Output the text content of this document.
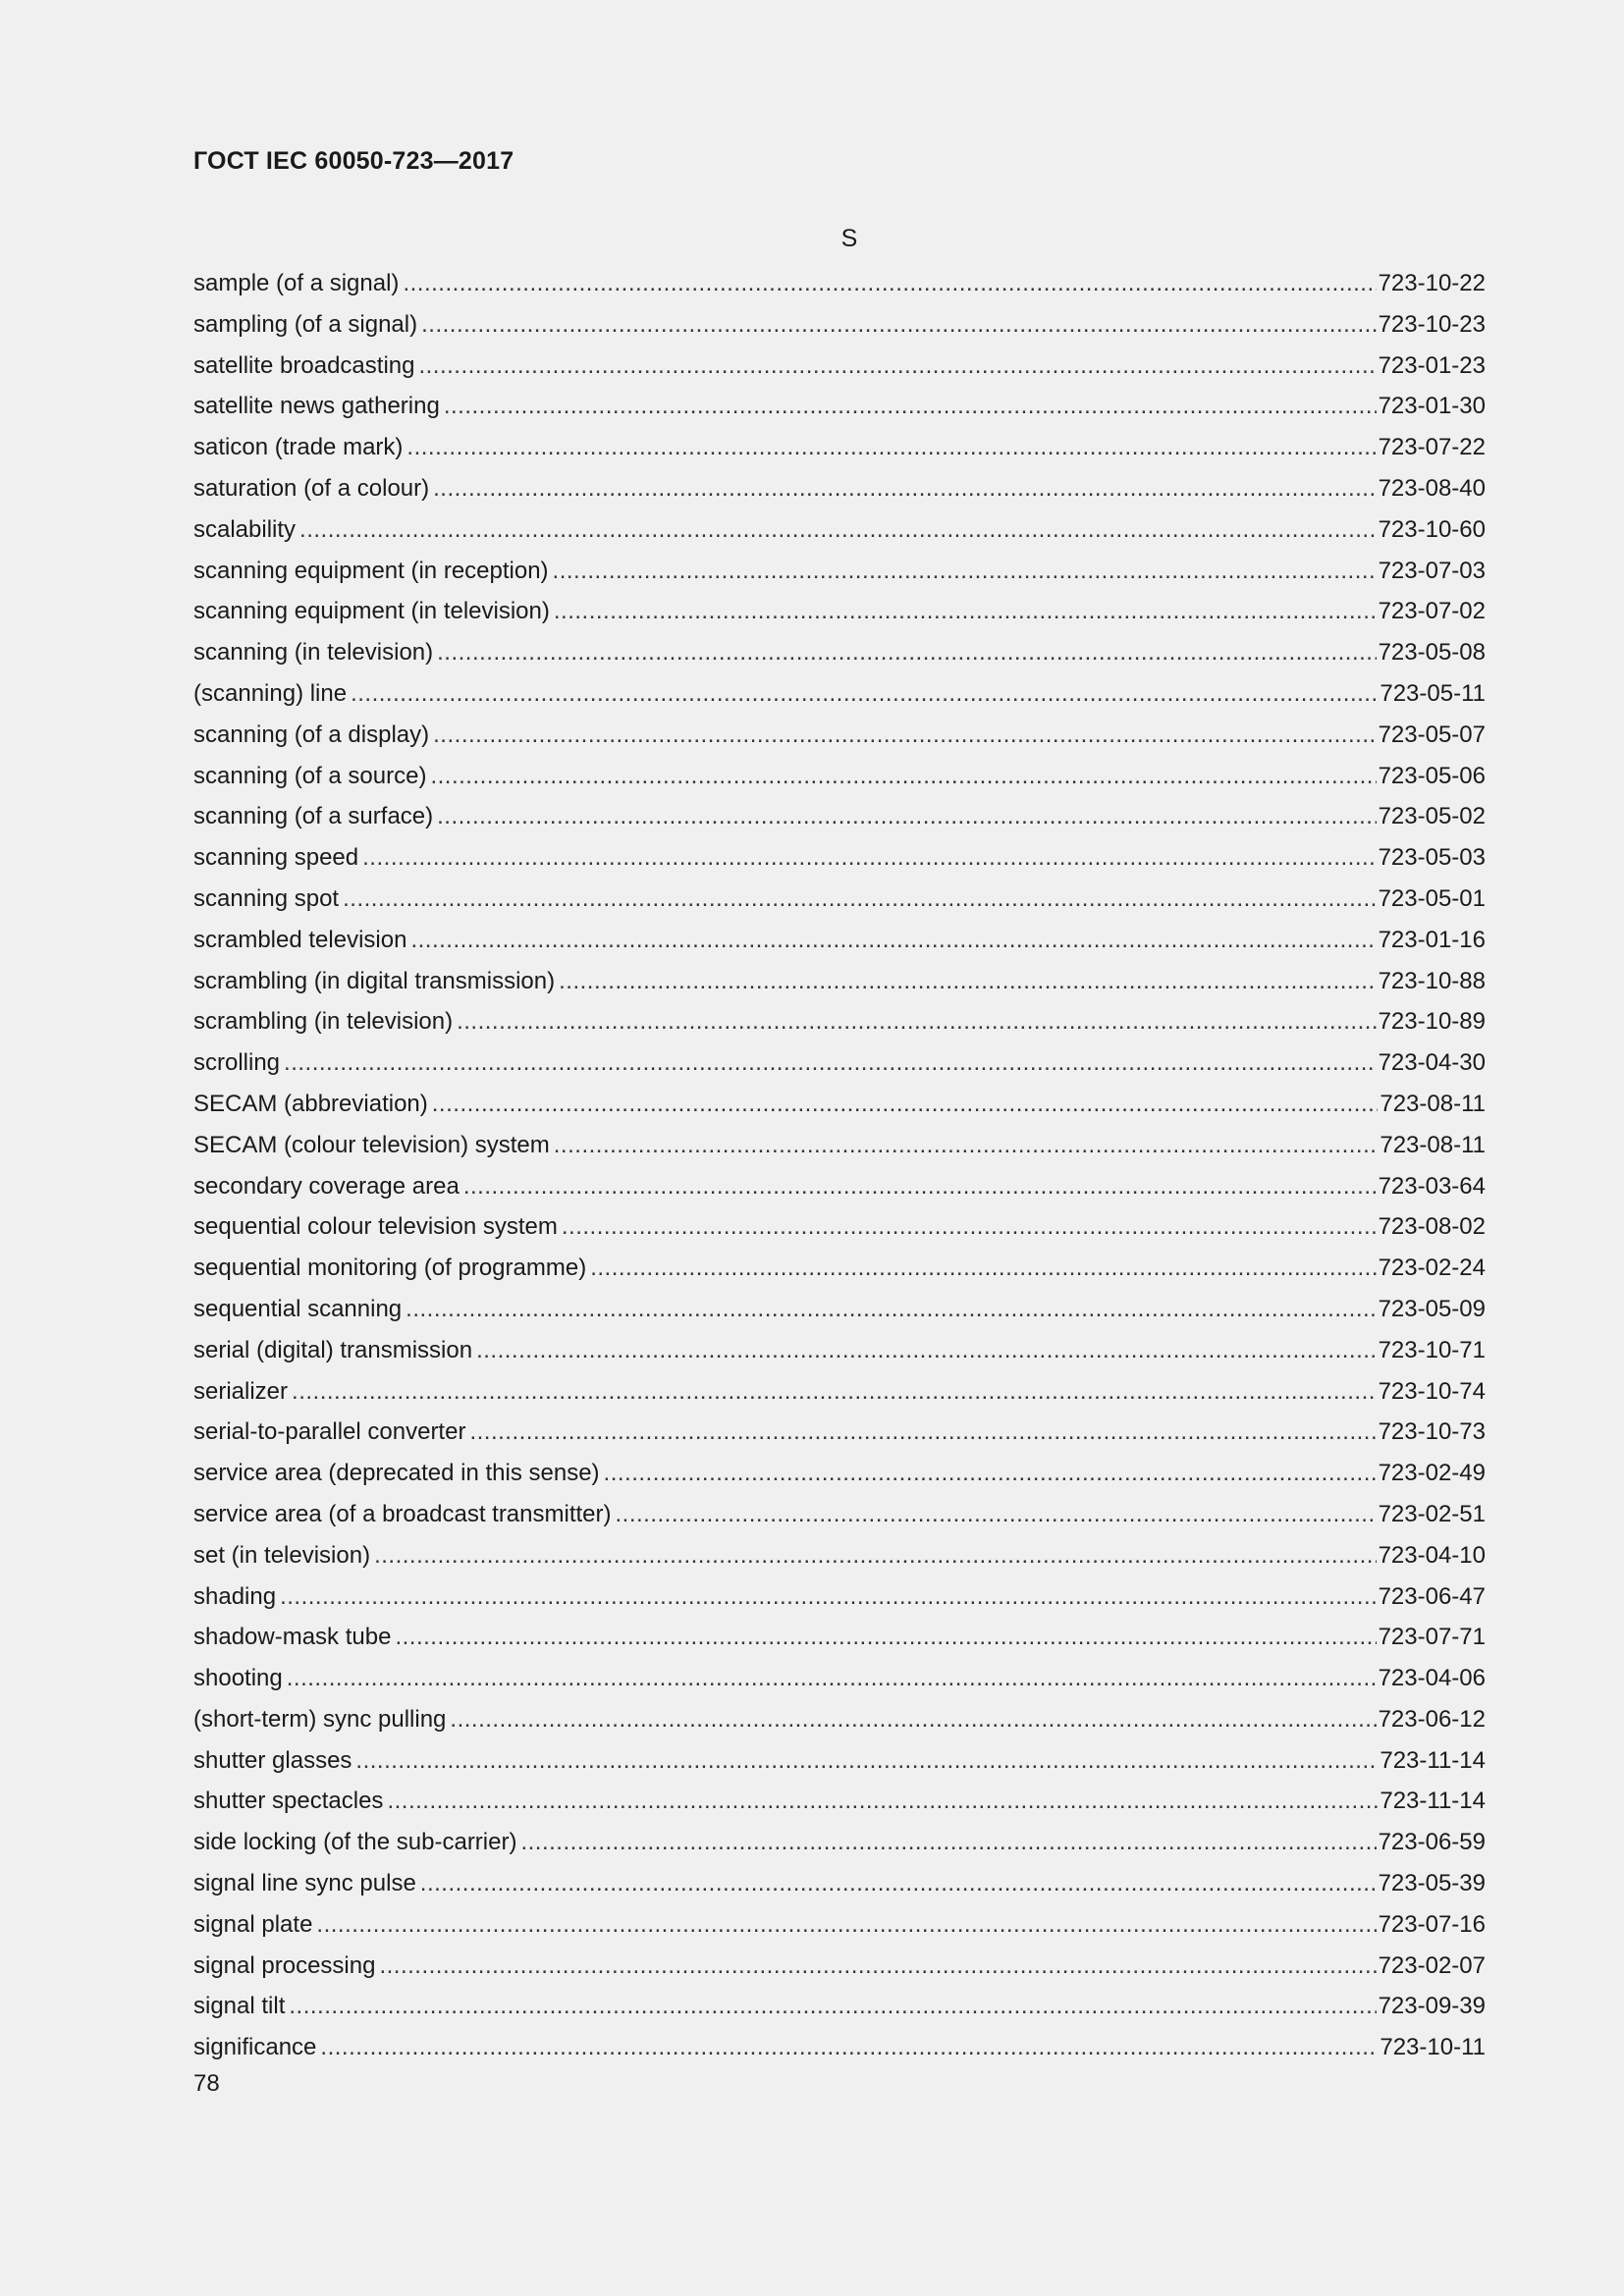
ГОСТ IEC 60050-723—2017
S
sample (of a signal) .....	723-10-22
sampling (of a signal) .....	723-10-23
satellite broadcasting .....	723-01-23
satellite news gathering .....	723-01-30
saticon (trade mark) .....	723-07-22
saturation (of a colour) .....	723-08-40
scalability .....	723-10-60
scanning equipment (in reception) .....	723-07-03
scanning equipment (in television) .....	723-07-02
scanning (in television) .....	723-05-08
(scanning) line .....	723-05-11
scanning (of a display) .....	723-05-07
scanning (of a source) .....	723-05-06
scanning (of a surface) .....	723-05-02
scanning speed .....	723-05-03
scanning spot .....	723-05-01
scrambled television .....	723-01-16
scrambling (in digital transmission) .....	723-10-88
scrambling (in television) .....	723-10-89
scrolling .....	723-04-30
SECAM (abbreviation) .....	723-08-11
SECAM (colour television) system .....	723-08-11
secondary coverage area .....	723-03-64
sequential colour television system .....	723-08-02
sequential monitoring (of programme) .....	723-02-24
sequential scanning .....	723-05-09
serial (digital) transmission .....	723-10-71
serializer .....	723-10-74
serial-to-parallel converter .....	723-10-73
service area (deprecated in this sense) .....	723-02-49
service area (of a broadcast transmitter) .....	723-02-51
set (in television) .....	723-04-10
shading .....	723-06-47
shadow-mask tube .....	723-07-71
shooting .....	723-04-06
(short-term) sync pulling .....	723-06-12
shutter glasses .....	723-11-14
shutter spectacles .....	723-11-14
side locking (of the sub-carrier) .....	723-06-59
signal line sync pulse .....	723-05-39
signal plate .....	723-07-16
signal processing .....	723-02-07
signal tilt .....	723-09-39
significance .....	723-10-11
78
